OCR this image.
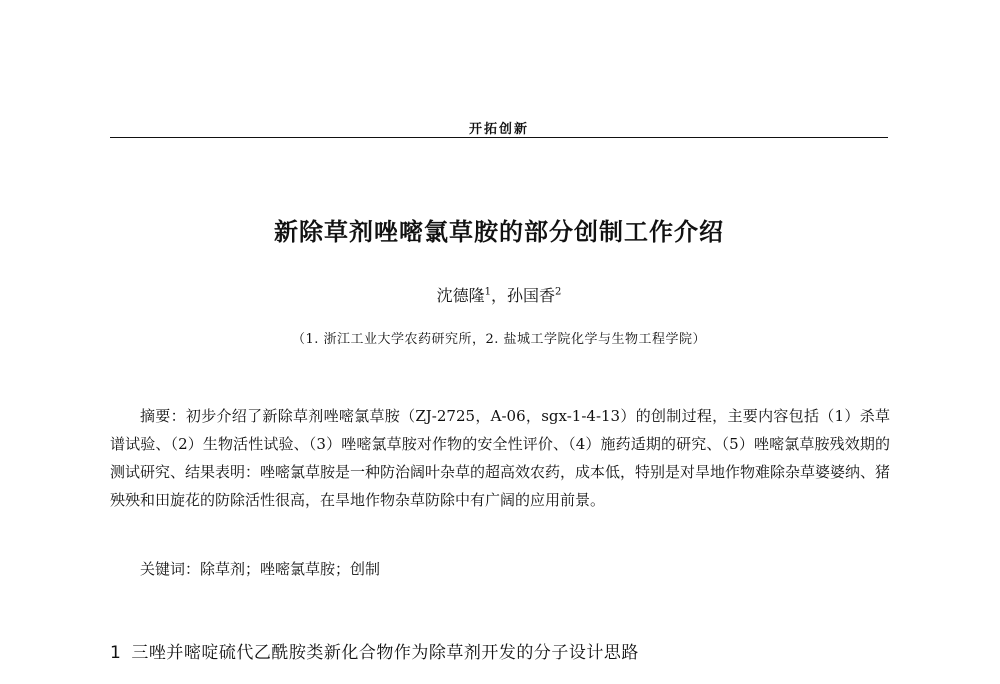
开拓创新
新除草剂唑嘧氯草胺的部分创制工作介绍
沈德隆$^1$，孙国香$^2$
（1. 浙江工业大学农药研究所，2. 盐城工学院化学与生物工程学院）

摘要：初步介绍了新除草剂唑嘧氯草胺（ZJ-2725，A-06，sgx-1-4-13）的创制过程，主要内容包括（1）杀草谱试验、（2）生物活性试验、（3）唑嘧氯草胺对作物的安全性评价、（4）施药适期的研究、（5）唑嘧氯草胺残效期的测试研究、结果表明：唑嘧氯草胺是一种防治阔叶杂草的超高效农药，成本低，特别是对旱地作物难除杂草婆婆纳、猪殃殃和田旋花的防除活性很高，在旱地作物杂草防除中有广阔的应用前景。

关键词：除草剂；唑嘧氯草胺；创制
1 三唑并嘧啶硫代乙酰胺类新化合物作为除草剂开发的分子设计思路
